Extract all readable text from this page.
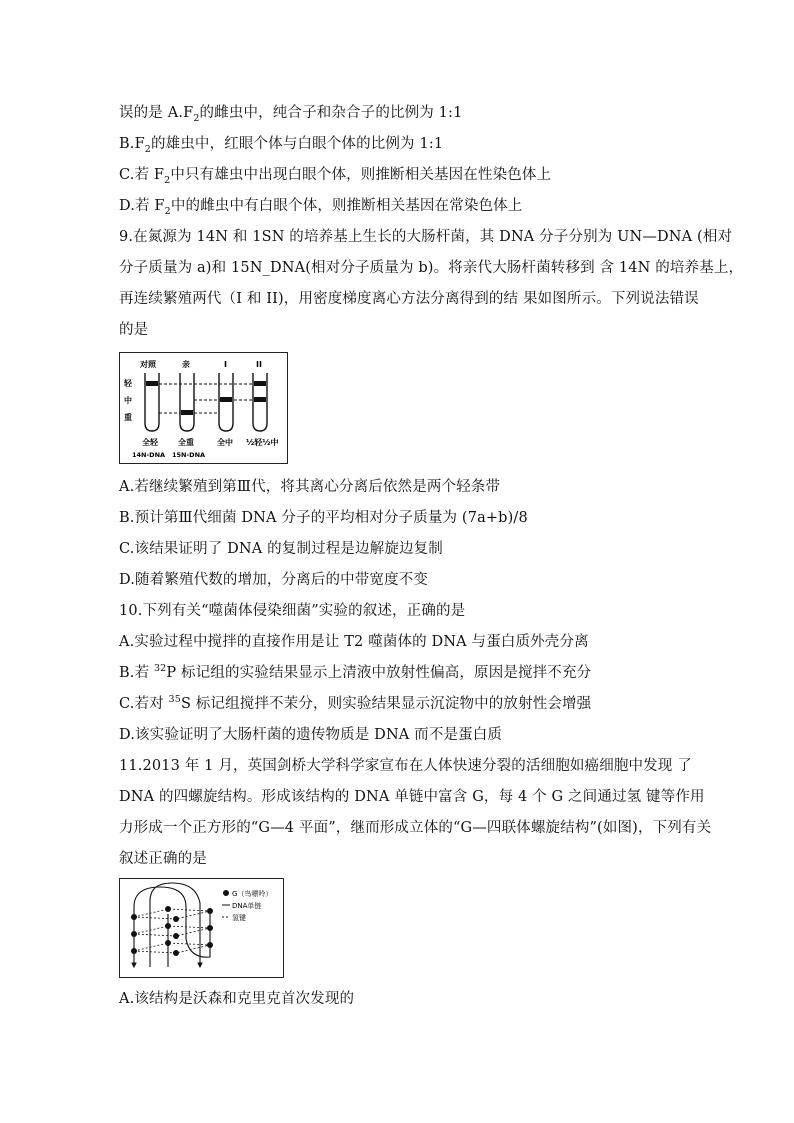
误的是 $A.F_2$的雌虫中，纯合子和杂合子的比例为 1:1
$B.F_2$的雄虫中，红眼个体与白眼个体的比例为 1:1
C.若 $F_2$中只有雄虫中出现白眼个体，则推断相关基因在性染色体上
D.若 $F_2$中的雌虫中有白眼个体，则推断相关基因在常染色体上
9.在氮源为 14N 和 1SN 的培养基上生长的大肠杆菌，其 DNA 分子分别为 UN—DNA (相对
分子质量为 a)和 15N_DNA(相对分子质量为 b)。将亲代大肠杆菌转移到 含 14N 的培养基上，
再连续繁殖两代（I 和 II)，用密度梯度离心方法分离得到的结 果如图所示。下列说法错误
的是
对照	亲	I	II
轻
中
重
全轻	全重	全中 ½轻½中
14N-DNA 15N-DNA
A.若继续繁殖到第Ⅲ代，将其离心分离后依然是两个轻条带
B.预计第Ⅲ代细菌 DNA 分子的平均相对分子质量为 (7a+b)/8
C.该结果证明了 DNA 的复制过程是边解旋边复制
D.随着繁殖代数的增加，分离后的中带宽度不变
10.下列有关“噬菌体侵染细菌”实验的叙述，正确的是
A.实验过程中搅拌的直接作用是让 T2 噬菌体的 DNA 与蛋白质外壳分离
B.若 $^{32}$P 标记组的实验结果显示上清液中放射性偏高，原因是搅拌不充分
C.若对 $^{35}$S 标记组搅拌不茉分，则实验结果显示沉淀物中的放射性会增强
D.该实验证明了大肠杆菌的遗传物质是 DNA 而不是蛋白质
11.2013 年 1 月，英国剑桥大学科学家宣布在人体快速分裂的活细胞如癌细胞中发现 了
DNA 的四螺旋结构。形成该结构的 DNA 单链中富含 G，每 4 个 G 之间通过氢 键等作用
力形成一个正方形的“G—4 平面”，继而形成立体的“G—四联体螺旋结构”(如图)，下列有关
叙述正确的是
G（鸟嘌呤）
DNA单链
氢键
A.该结构是沃森和克里克首次发现的
